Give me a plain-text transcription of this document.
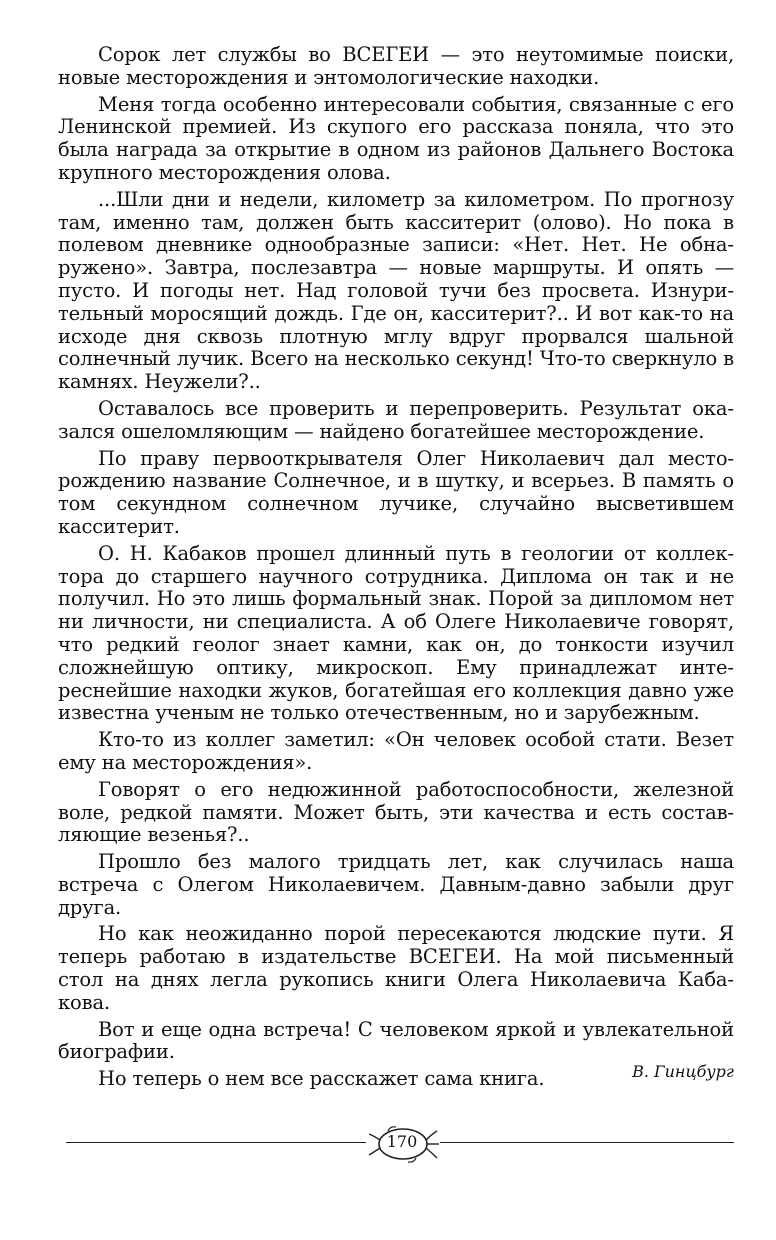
Сорок лет службы во ВСЕГЕИ — это неутомимые поиски, новые месторождения и энтомологические находки.

Меня тогда особенно интересовали события, связанные с его Ленинской премией. Из скупого его рассказа поняла, что это была награда за открытие в одном из районов Дальнего Востока крупного месторождения олова.

...Шли дни и недели, километр за километром. По прогнозу там, именно там, должен быть касситерит (олово). Но пока в полевом дневнике однообразные записи: «Нет. Нет. Не обнаружено». Завтра, послезавтра — новые маршруты. И опять — пусто. И погоды нет. Над головой тучи без просвета. Изнурительный моросящий дождь. Где он, касситерит?.. И вот как-то на исходе дня сквозь плотную мглу вдруг прорвался шальной солнечный лучик. Всего на несколько секунд! Что-то сверкнуло в камнях. Неужели?..

Оставалось все проверить и перепроверить. Результат оказался ошеломляющим — найдено богатейшее месторождение.

По праву первооткрывателя Олег Николаевич дал месторождению название Солнечное, и в шутку, и всерьез. В память о том секундном солнечном лучике, случайно высветившем касситерит.

О. Н. Кабаков прошел длинный путь в геологии от коллектора до старшего научного сотрудника. Диплома он так и не получил. Но это лишь формальный знак. Порой за дипломом нет ни личности, ни специалиста. А об Олеге Николаевиче говорят, что редкий геолог знает камни, как он, до тонкости изучил сложнейшую оптику, микроскоп. Ему принадлежат интереснейшие находки жуков, богатейшая его коллекция давно уже известна ученым не только отечественным, но и зарубежным.

Кто-то из коллег заметил: «Он человек особой стати. Везет ему на месторождения».

Говорят о его недюжинной работоспособности, железной воле, редкой памяти. Может быть, эти качества и есть составляющие везенья?..

Прошло без малого тридцать лет, как случилась наша встреча с Олегом Николаевичем. Давным-давно забыли друг друга.

Но как неожиданно порой пересекаются людские пути. Я теперь работаю в издательстве ВСЕГЕИ. На мой письменный стол на днях легла рукопись книги Олега Николаевича Кабакова.

Вот и еще одна встреча! С человеком яркой и увлекательной биографии.

Но теперь о нем все расскажет сама книга.	В. Гинцбург

170
